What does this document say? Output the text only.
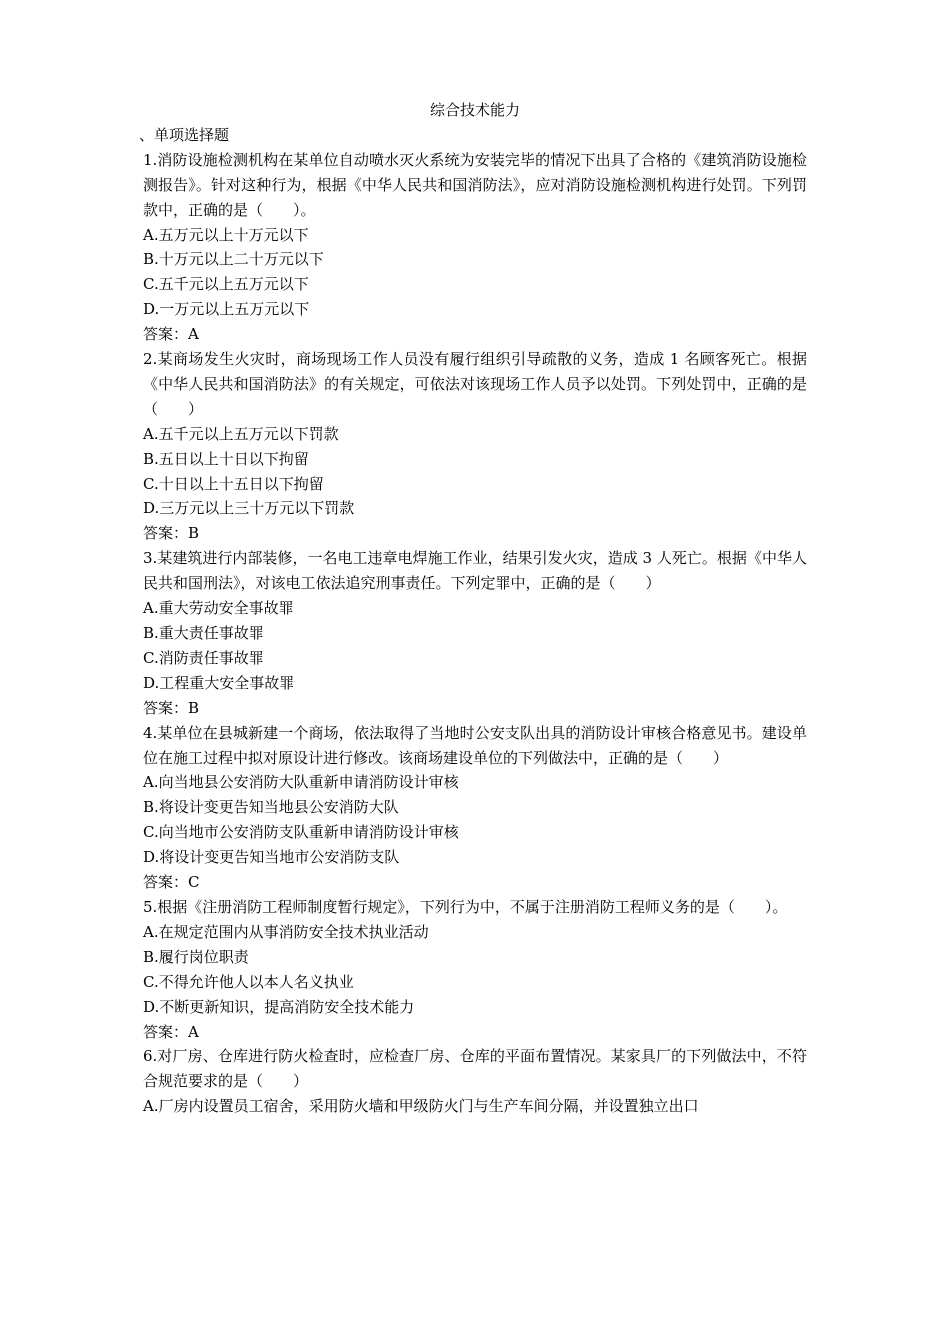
综合技术能力
、单项选择题
1.消防设施检测机构在某单位自动喷水灭火系统为安装完毕的情况下出具了合格的《建筑消防设施检测报告》。针对这种行为，根据《中华人民共和国消防法》，应对消防设施检测机构进行处罚。下列罚款中，正确的是（　　）。
A.五万元以上十万元以下
B.十万元以上二十万元以下
C.五千元以上五万元以下
D.一万元以上五万元以下
答案：A
2.某商场发生火灾时，商场现场工作人员没有履行组织引导疏散的义务，造成 1 名顾客死亡。根据《中华人民共和国消防法》的有关规定，可依法对该现场工作人员予以处罚。下列处罚中，正确的是（　　）
A.五千元以上五万元以下罚款
B.五日以上十日以下拘留
C.十日以上十五日以下拘留
D.三万元以上三十万元以下罚款
答案：B
3.某建筑进行内部装修，一名电工违章电焊施工作业，结果引发火灾，造成 3 人死亡。根据《中华人民共和国刑法》，对该电工依法追究刑事责任。下列定罪中，正确的是（　　）
A.重大劳动安全事故罪
B.重大责任事故罪
C.消防责任事故罪
D.工程重大安全事故罪
答案：B
4.某单位在县城新建一个商场，依法取得了当地时公安支队出具的消防设计审核合格意见书。建设单位在施工过程中拟对原设计进行修改。该商场建设单位的下列做法中，正确的是（　　）
A.向当地县公安消防大队重新申请消防设计审核
B.将设计变更告知当地县公安消防大队
C.向当地市公安消防支队重新申请消防设计审核
D.将设计变更告知当地市公安消防支队
答案：C
5.根据《注册消防工程师制度暂行规定》，下列行为中，不属于注册消防工程师义务的是（　　）。
A.在规定范围内从事消防安全技术执业活动
B.履行岗位职责
C.不得允许他人以本人名义执业
D.不断更新知识，提高消防安全技术能力
答案：A
6.对厂房、仓库进行防火检查时，应检查厂房、仓库的平面布置情况。某家具厂的下列做法中，不符合规范要求的是（　　）
A.厂房内设置员工宿舍，采用防火墙和甲级防火门与生产车间分隔，并设置独立出口
